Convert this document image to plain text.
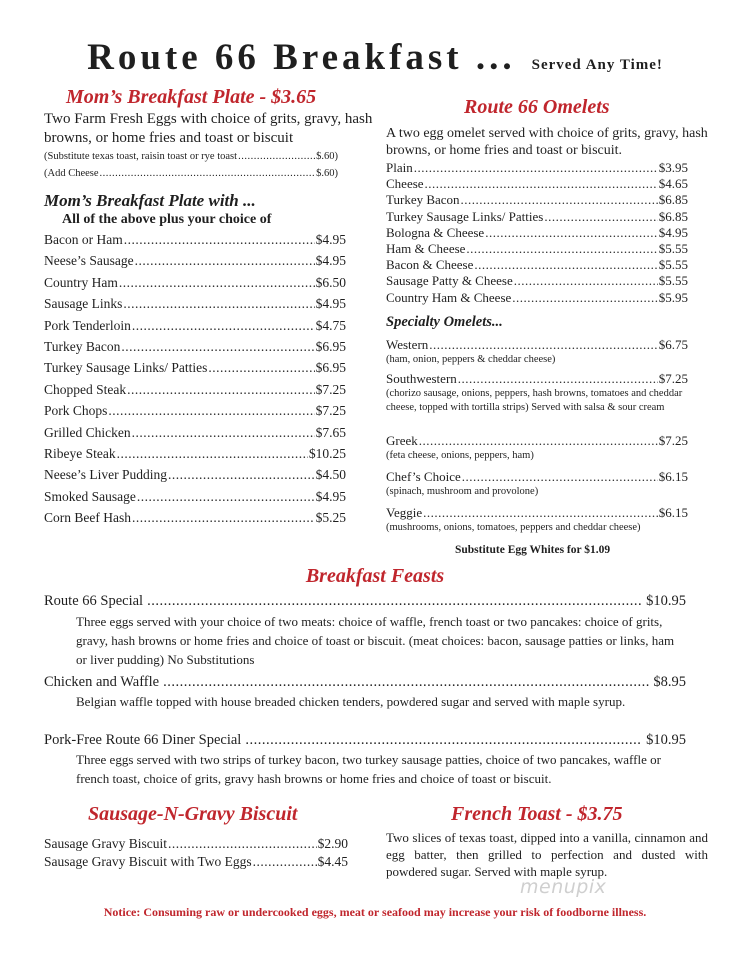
Route 66 Breakfast ... Served Any Time!
Mom’s Breakfast Plate - $3.65
Two Farm Fresh Eggs with choice of grits, gravy, hash browns, or home fries and toast or biscuit
(Substitute texas toast, raisin toast or rye toast .....	$.60)
(Add Cheese .....	$.60)
Mom’s Breakfast Plate with ...
All of the above plus your choice of
Bacon or Ham .....	$4.95
Neese’s Sausage .....	$4.95
Country Ham .....	$6.50
Sausage Links .....	$4.95
Pork Tenderloin .....	$4.75
Turkey Bacon .....	$6.95
Turkey Sausage Links/ Patties .....	$6.95
Chopped Steak .....	$7.25
Pork Chops .....	$7.25
Grilled Chicken .....	$7.65
Ribeye Steak .....	$10.25
Neese’s Liver Pudding .....	$4.50
Smoked Sausage .....	$4.95
Corn Beef Hash .....	$5.25
Route 66 Omelets
A two egg omelet served with choice of grits, gravy, hash browns, or home fries and toast or biscuit.
Plain .....	$3.95
Cheese .....	$4.65
Turkey Bacon .....	$6.85
Turkey Sausage Links/ Patties .....	$6.85
Bologna & Cheese .....	$4.95
Ham & Cheese .....	$5.55
Bacon & Cheese .....	$5.55
Sausage Patty & Cheese .....	$5.55
Country Ham & Cheese .....	$5.95
Specialty Omelets...
Western .....	$6.75
(ham, onion, peppers & cheddar cheese)
Southwestern .....	$7.25
(chorizo sausage, onions, peppers, hash browns, tomatoes and cheddar cheese, topped with tortilla strips) Served with salsa & sour cream
Greek .....	$7.25
(feta cheese, onions, peppers, ham)
Chef’s Choice .....	$6.15
(spinach, mushroom and provolone)
Veggie .....	$6.15
(mushrooms, onions, tomatoes, peppers and cheddar cheese)
Substitute Egg Whites for $1.09
Breakfast Feasts
Route 66 Special .....	$10.95
Three eggs served with your choice of two meats: choice of waffle, french toast or two pancakes: choice of grits, gravy, hash browns or home fries and choice of toast or biscuit. (meat choices: bacon, sausage patties or links, ham or liver pudding) No Substitutions
Chicken and Waffle .....	$8.95
Belgian waffle topped with house breaded chicken tenders, powdered sugar and served with maple syrup.
Pork-Free Route 66 Diner Special .....	$10.95
Three eggs served with two strips of turkey bacon, two turkey sausage patties, choice of two pancakes, waffle or french toast, choice of grits, gravy hash browns or home fries and choice of toast or biscuit.
Sausage-N-Gravy Biscuit
Sausage Gravy Biscuit .....	$2.90
Sausage Gravy Biscuit with Two Eggs .....	$4.45
French Toast - $3.75
Two slices of texas toast, dipped into a vanilla, cinnamon and egg batter, then grilled to perfection and dusted with powdered sugar. Served with maple syrup.
menupix
Notice: Consuming raw or undercooked eggs, meat or seafood may increase your risk of foodborne illness.
